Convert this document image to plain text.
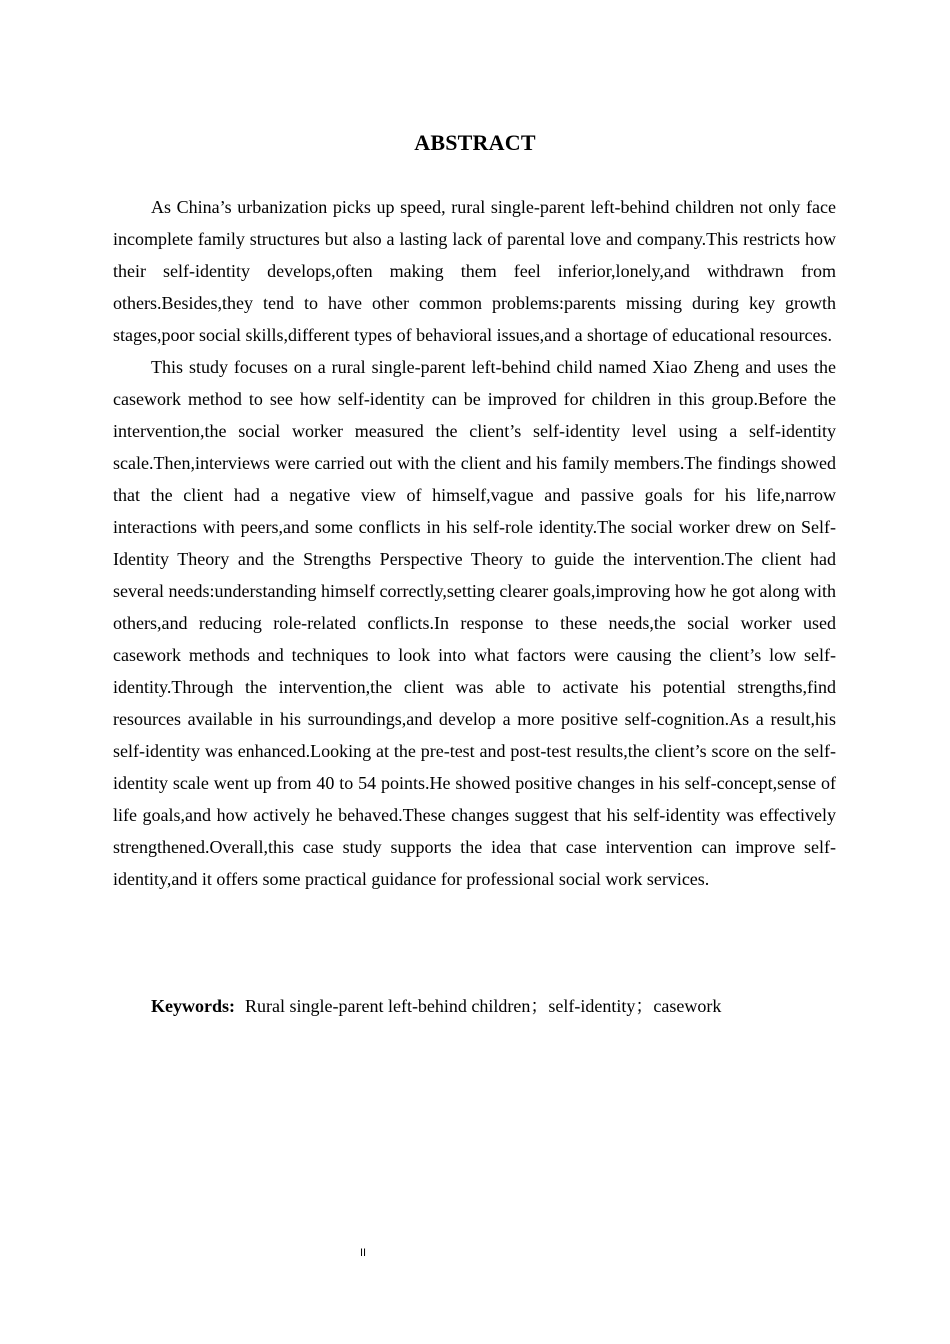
ABSTRACT

As China’s urbanization picks up speed, rural single-parent left-behind children not only face incomplete family structures but also a lasting lack of parental love and company.This restricts how their self-identity develops,often making them feel inferior,lonely,and withdrawn from others.Besides,they tend to have other common problems:parents missing during key growth stages,poor social skills,different types of behavioral issues,and a shortage of educational resources.

This study focuses on a rural single-parent left-behind child named Xiao Zheng and uses the casework method to see how self-identity can be improved for children in this group.Before the intervention,the social worker measured the client’s self-identity level using a self-identity scale.Then,interviews were carried out with the client and his family members.The findings showed that the client had a negative view of himself,vague and passive goals for his life,narrow interactions with peers,and some conflicts in his self-role identity.The social worker drew on Self-Identity Theory and the Strengths Perspective Theory to guide the intervention.The client had several needs:understanding himself correctly,setting clearer goals,improving how he got along with others,and reducing role-related conflicts.In response to these needs,the social worker used casework methods and techniques to look into what factors were causing the client’s low self-identity.Through the intervention,the client was able to activate his potential strengths,find resources available in his surroundings,and develop a more positive self-cognition.As a result,his self-identity was enhanced.Looking at the pre-test and post-test results,the client’s score on the self-identity scale went up from 40 to 54 points.He showed positive changes in his self-concept,sense of life goals,and how actively he behaved.These changes suggest that his self-identity was effectively strengthened.Overall,this case study supports the idea that case intervention can improve self-identity,and it offers some practical guidance for professional social work services.

Keywords: Rural single-parent left-behind children；self-identity；casework
II
